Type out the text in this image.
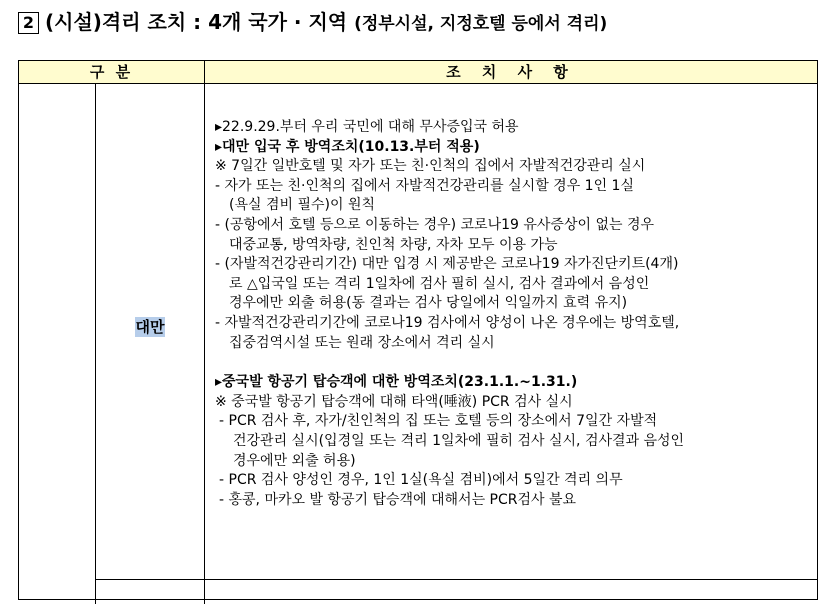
2 (시설)격리 조치 : 4개 국가 · 지역 (정부시설, 지정호텔 등에서 격리)
구 분	조 치 사 항
대만
▸22.9.29.부터 우리 국민에 대해 무사증입국 허용
▸대만 입국 후 방역조치(10.13.부터 적용)
※ 7일간 일반호텔 및 자가 또는 친·인척의 집에서 자발적건강관리 실시
- 자가 또는 친·인척의 집에서 자발적건강관리를 실시할 경우 1인 1실
(욕실 겸비 필수)이 원칙
- (공항에서 호텔 등으로 이동하는 경우) 코로나19 유사증상이 없는 경우
대중교통, 방역차량, 친인척 차량, 자차 모두 이용 가능
- (자발적건강관리기간) 대만 입경 시 제공받은 코로나19 자가진단키트(4개)
로 △입국일 또는 격리 1일차에 검사 필히 실시, 검사 결과에서 음성인
경우에만 외출 허용(동 결과는 검사 당일에서 익일까지 효력 유지)
- 자발적건강관리기간에 코로나19 검사에서 양성이 나온 경우에는 방역호텔,
집중검역시설 또는 원래 장소에서 격리 실시
▸중국발 항공기 탑승객에 대한 방역조치(23.1.1.~1.31.)
※ 중국발 항공기 탑승객에 대해 타액(唾液) PCR 검사 실시
- PCR 검사 후, 자가/친인척의 집 또는 호텔 등의 장소에서 7일간 자발적
건강관리 실시(입경일 또는 격리 1일차에 필히 검사 실시, 검사결과 음성인
경우에만 외출 허용)
- PCR 검사 양성인 경우, 1인 1실(욕실 겸비)에서 5일간 격리 의무
- 홍콩, 마카오 발 항공기 탑승객에 대해서는 PCR검사 불요
